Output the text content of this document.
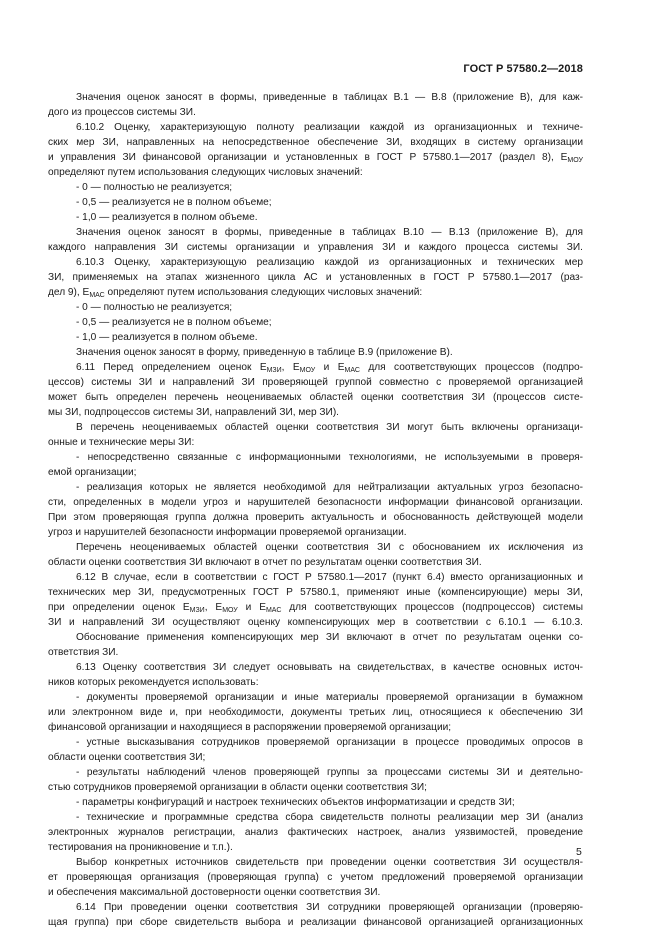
ГОСТ Р 57580.2—2018
Значения оценок заносят в формы, приведенные в таблицах В.1 — В.8 (приложение В), для каж-
дого из процессов системы ЗИ.
6.10.2 Оценку, характеризующую полноту реализации каждой из организационных и техниче-
ских мер ЗИ, направленных на непосредственное обеспечение ЗИ, входящих в систему организации
и управления ЗИ финансовой организации и установленных в ГОСТ Р 57580.1—2017 (раздел 8), $E_{МОУ}$
определяют путем использования следующих числовых значений:
- 0 — полностью не реализуется;
- 0,5 — реализуется не в полном объеме;
- 1,0 — реализуется в полном объеме.
Значения оценок заносят в формы, приведенные в таблицах В.10 — В.13 (приложение В), для
каждого направления ЗИ системы организации и управления ЗИ и каждого процесса системы ЗИ.
6.10.3 Оценку, характеризующую реализацию каждой из организационных и технических мер
ЗИ, применяемых на этапах жизненного цикла АС и установленных в ГОСТ Р 57580.1—2017 (раз-
дел 9), $E_{МАС}$ определяют путем использования следующих числовых значений:
- 0 — полностью не реализуется;
- 0,5 — реализуется не в полном объеме;
- 1,0 — реализуется в полном объеме.
Значения оценок заносят в форму, приведенную в таблице В.9 (приложение В).
6.11 Перед определением оценок $E_{МЗИ}$, $E_{МОУ}$ и $E_{МАС}$ для соответствующих процессов (подпро-
цессов) системы ЗИ и направлений ЗИ проверяющей группой совместно с проверяемой организацией
может быть определен перечень неоцениваемых областей оценки соответствия ЗИ (процессов систе-
мы ЗИ, подпроцессов системы ЗИ, направлений ЗИ, мер ЗИ).
В перечень неоцениваемых областей оценки соответствия ЗИ могут быть включены организаци-
онные и технические меры ЗИ:
- непосредственно связанные с информационными технологиями, не используемыми в проверя-
емой организации;
- реализация которых не является необходимой для нейтрализации актуальных угроз безопасно-
сти, определенных в модели угроз и нарушителей безопасности информации финансовой организации.
При этом проверяющая группа должна проверить актуальность и обоснованность действующей модели
угроз и нарушителей безопасности информации проверяемой организации.
Перечень неоцениваемых областей оценки соответствия ЗИ с обоснованием их исключения из
области оценки соответствия ЗИ включают в отчет по результатам оценки соответствия ЗИ.
6.12 В случае, если в соответствии с ГОСТ Р 57580.1—2017 (пункт 6.4) вместо организационных и
технических мер ЗИ, предусмотренных ГОСТ Р 57580.1, применяют иные (компенсирующие) меры ЗИ,
при определении оценок $E_{МЗИ}$, $E_{МОУ}$ и $E_{МАС}$ для соответствующих процессов (подпроцессов) системы
ЗИ и направлений ЗИ осуществляют оценку компенсирующих мер в соответствии с 6.10.1 — 6.10.3.
Обоснование применения компенсирующих мер ЗИ включают в отчет по результатам оценки со-
ответствия ЗИ.
6.13 Оценку соответствия ЗИ следует основывать на свидетельствах, в качестве основных источ-
ников которых рекомендуется использовать:
- документы проверяемой организации и иные материалы проверяемой организации в бумажном
или электронном виде и, при необходимости, документы третьих лиц, относящиеся к обеспечению ЗИ
финансовой организации и находящиеся в распоряжении проверяемой организации;
- устные высказывания сотрудников проверяемой организации в процессе проводимых опросов в
области оценки соответствия ЗИ;
- результаты наблюдений членов проверяющей группы за процессами системы ЗИ и деятельно-
стью сотрудников проверяемой организации в области оценки соответствия ЗИ;
- параметры конфигураций и настроек технических объектов информатизации и средств ЗИ;
- технические и программные средства сбора свидетельств полноты реализации мер ЗИ (анализ
электронных журналов регистрации, анализ фактических настроек, анализ уязвимостей, проведение
тестирования на проникновение и т.п.).
Выбор конкретных источников свидетельств при проведении оценки соответствия ЗИ осуществля-
ет проверяющая организация (проверяющая группа) с учетом предложений проверяемой организации
и обеспечения максимальной достоверности оценки соответствия ЗИ.
6.14 При проведении оценки соответствия ЗИ сотрудники проверяющей организации (проверяю-
щая группа) при сборе свидетельств выбора и реализации финансовой организацией организационных
5
